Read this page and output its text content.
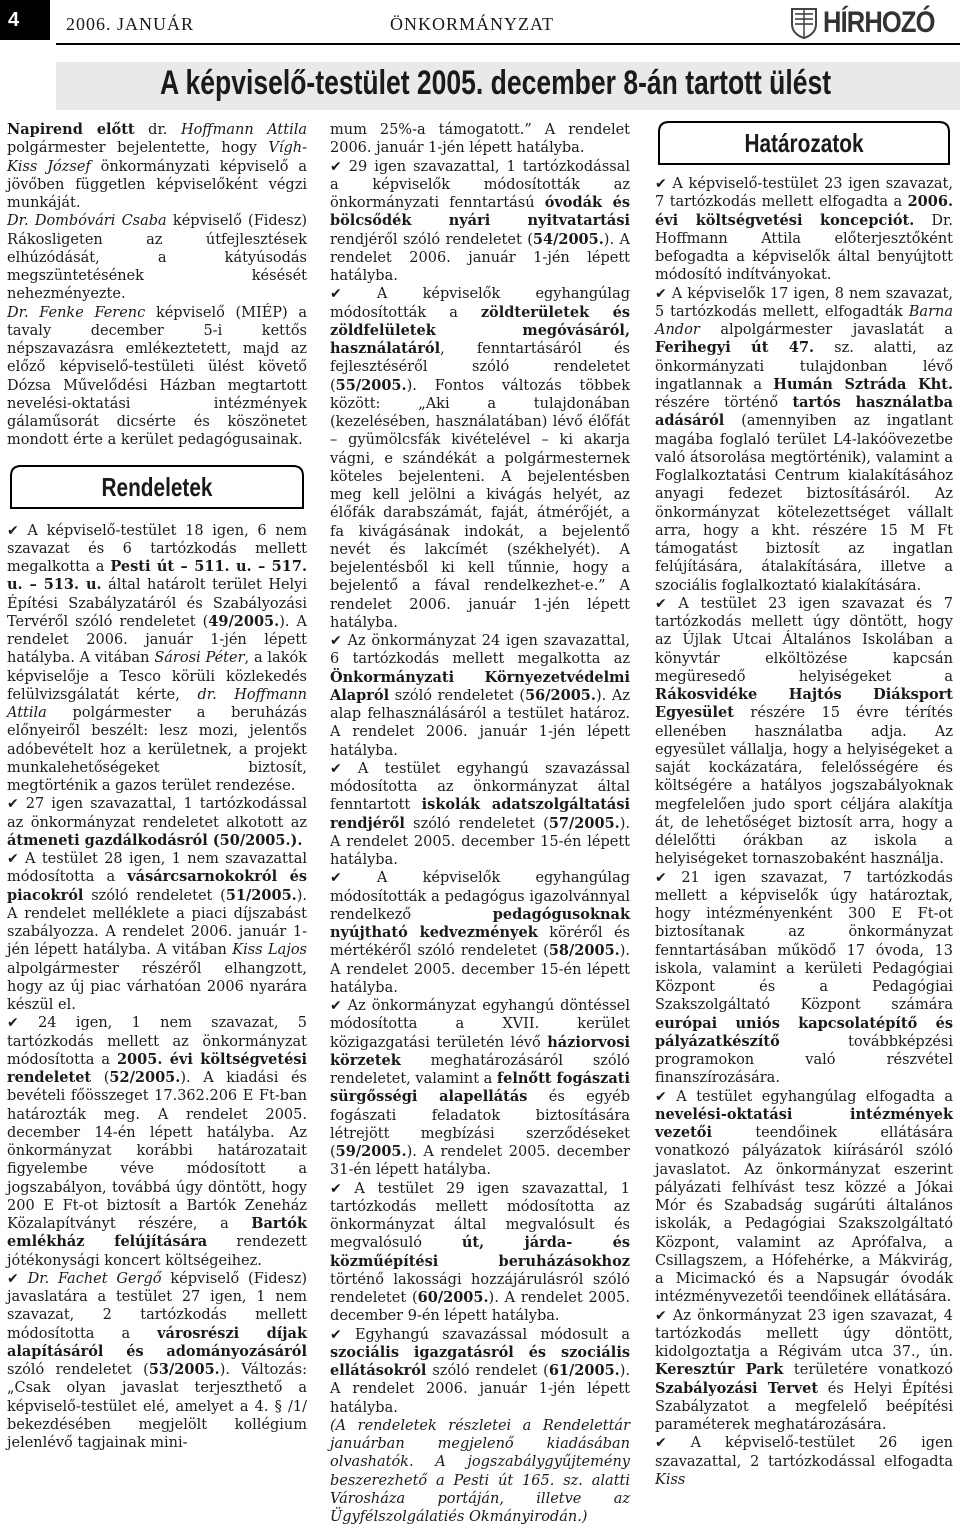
4	2006. JANUÁR	ÖNKORMÁNYZAT	HÍRHOZÓ
A képviselő-testület 2005. december 8-án tartott ülést

Napirend előtt dr. Hoffmann Attila polgármester bejelentette, hogy Vígh-Kiss József önkormányzati képviselő a jövőben független képviselőként végzi munkáját.

Dr. Dombóvári Csaba képviselő (Fidesz) Rákosligeten az útfejlesztések elhúzódását, a kátyúsodás megszüntetésének késését nehezményezte.

Dr. Fenke Ferenc képviselő (MIÉP) a tavaly december 5-i kettős népszavazásra emlékeztetett, majd az előző képviselő-testületi ülést követő Dózsa Művelődési Házban megtartott nevelési-oktatási intézmények gálaműsorát dicsérte és köszönetet mondott érte a kerület pedagógusainak.

Rendeletek

✔ A képviselő-testület 18 igen, 6 nem szavazat és 6 tartózkodás mellett megalkotta a Pesti út – 511. u. – 517. u. – 513. u. által határolt terület Helyi Építési Szabályzatáról és Szabályozási Tervéről szóló rendeletet (49/2005.). A rendelet 2006. január 1-jén lépett hatályba. A vitában Sárosi Péter, a lakók képviselője a Tesco körüli közlekedés felülvizsgálatát kérte, dr. Hoffmann Attila polgármester a beruházás előnyeiről beszélt: lesz mozi, jelentős adóbevételt hoz a kerületnek, a projekt munkalehetőségeket biztosít, megtörténik a gazos terület rendezése.

✔ 27 igen szavazattal, 1 tartózkodással az önkormányzat rendeletet alkotott az átmeneti gazdálkodásról (50/2005.).

✔ A testület 28 igen, 1 nem szavazattal módosította a vásárcsarnokokról és piacokról szóló rendeletet (51/2005.). A rendelet melléklete a piaci díjszabást szabályozza. A rendelet 2006. január 1-jén lépett hatályba. A vitában Kiss Lajos alpolgármester részéről elhangzott, hogy az új piac várhatóan 2006 nyarára készül el.

✔ 24 igen, 1 nem szavazat, 5 tartózkodás mellett az önkormányzat módosította a 2005. évi költségvetési rendeletet (52/2005.). A kiadási és bevételi főösszeget 17.362.206 E Ft-ban határozták meg. A rendelet 2005. december 14-én lépett hatályba. Az önkormányzat korábbi határozatait figyelembe véve módosított a jogszabályon, továbbá úgy döntött, hogy 200 E Ft-ot biztosít a Bartók Zeneház Közalapítványt részére, a Bartók emlékház felújítására rendezett jótékonysági koncert költségeihez.

✔ Dr. Fachet Gergő képviselő (Fidesz) javaslatára a testület 27 igen, 1 nem szavazat, 2 tartózkodás mellett módosította a városrészi díjak alapításáról és adományozásáról szóló rendeletet (53/2005.). Változás: „Csak olyan javaslat terjeszthető a képviselő-testület elé, amelyet a 4. § /1/ bekezdésében megjelölt kollégium jelenlévő tagjainak mini-

mum 25%-a támogatott.” A rendelet 2006. január 1-jén lépett hatályba.

✔ 29 igen szavazattal, 1 tartózkodással a képviselők módosították az önkormányzati fenntartású óvodák és bölcsődék nyári nyitvatartási rendjéről szóló rendeletet (54/2005.). A rendelet 2006. január 1-jén lépett hatályba.

✔ A képviselők egyhangúlag módosították a zöldterületek és zöldfelületek megóvásáról, használatáról, fenntartásáról és fejlesztéséről szóló rendeletet (55/2005.). Fontos változás többek között: „Aki a tulajdonában (kezelésében, használatában) lévő élőfát – gyümölcsfák kivételével – ki akarja vágni, e szándékát a polgármesternek köteles bejelenteni. A bejelentésben meg kell jelölni a kivágás helyét, az élőfák darabszámát, faját, átmérőjét, a fa kivágásának indokát, a bejelentő nevét és lakcímét (székhelyét). A bejelentésből ki kell tűnnie, hogy a bejelentő a fával rendelkezhet-e.” A rendelet 2006. január 1-jén lépett hatályba.

✔ Az önkormányzat 24 igen szavazattal, 6 tartózkodás mellett megalkotta az Önkormányzati Környezetvédelmi Alapról szóló rendeletet (56/2005.). Az alap felhasználásáról a testület határoz. A rendelet 2006. január 1-jén lépett hatályba.

✔ A testület egyhangú szavazással módosította az önkormányzat által fenntartott iskolák adatszolgáltatási rendjéről szóló rendeletet (57/2005.). A rendelet 2005. december 15-én lépett hatályba.

✔ A képviselők egyhangúlag módosították a pedagógus igazolvánnyal rendelkező pedagógusoknak nyújtható kedvezmények köréről és mértékéről szóló rendeletet (58/2005.). A rendelet 2005. december 15-én lépett hatályba.

✔ Az önkormányzat egyhangú döntéssel módosította a XVII. kerület közigazgatási területén lévő háziorvosi körzetek meghatározásáról szóló rendeletet, valamint a felnőtt fogászati sürgősségi alapellátás és egyéb fogászati feladatok biztosítására létrejött megbízási szerződéseket (59/2005.). A rendelet 2005. december 31-én lépett hatályba.

✔ A testület 29 igen szavazattal, 1 tartózkodás mellett módosította az önkormányzat által megvalósult és megvalósuló út, járda- és közműépítési beruházásokhoz történő lakossági hozzájárulásról szóló rendeletet (60/2005.). A rendelet 2005. december 9-én lépett hatályba.

✔ Egyhangú szavazással módosult a szociális igazgatásról és szociális ellátásokról szóló rendelet (61/2005.). A rendelet 2006. január 1-jén lépett hatályba.

(A rendeletek részletei a Rendelettár januárban megjelenő kiadásában olvashatók. A jogszabálygyűjtemény beszerezhető a Pesti út 165. sz. alatti Városháza portáján, illetve az Ügyfélszolgálatiés Okmányirodán.)

Határozatok

✔ A képviselő-testület 23 igen szavazat, 7 tartózkodás mellett elfogadta a 2006. évi költségvetési koncepciót. Dr. Hoffmann Attila előterjesztőként befogadta a képviselők által benyújtott módosító indítványokat.

✔ A képviselők 17 igen, 8 nem szavazat, 5 tartózkodás mellett, elfogadták Barna Andor alpolgármester javaslatát a Ferihegyi út 47. sz. alatti, az önkormányzati tulajdonban lévő ingatlannak a Humán Sztráda Kht. részére történő tartós használatba adásáról (amennyiben az ingatlant magába foglaló terület L4-lakóövezetbe való átsorolása megtörténik), valamint a Foglalkoztatási Centrum kialakításához anyagi fedezet biztosításáról. Az önkormányzat kötelezettséget vállalt arra, hogy a kht. részére 15 M Ft támogatást biztosít az ingatlan felújítására, átalakítására, illetve a szociális foglalkoztató kialakítására.

✔ A testület 23 igen szavazat és 7 tartózkodás mellett úgy döntött, hogy az Újlak Utcai Általános Iskolában a könyvtár elköltözése kapcsán megüresedő helyiségeket a Rákosvidéke Hajtós Diáksport Egyesület részére 15 évre térítés ellenében használatba adja. Az egyesület vállalja, hogy a helyiségeket a saját kockázatára, felelősségére és költségére a hatályos jogszabályoknak megfelelően judo sport céljára alakítja át, de lehetőséget biztosít arra, hogy a délelőtti órákban az iskola a helyiségeket tornaszobaként használja.

✔ 21 igen szavazat, 7 tartózkodás mellett a képviselők úgy határoztak, hogy intézményenként 300 E Ft-ot biztosítanak az önkormányzat fenntartásában működő 17 óvoda, 13 iskola, valamint a kerületi Pedagógiai Központ és a Pedagógiai Szakszolgáltató Központ számára európai uniós kapcsolatépítő és pályázatkészítő továbbképzési programokon való részvétel finanszírozására.

✔ A testület egyhangúlag elfogadta a nevelési-oktatási intézmények vezetői teendőinek ellátására vonatkozó pályázatok kiírásáról szóló javaslatot. Az önkormányzat eszerint pályázati felhívást tesz közzé a Jókai Mór és Szabadság sugárúti általános iskolák, a Pedagógiai Szakszolgáltató Központ, valamint az Aprófalva, a Csillagszem, a Hófehérke, a Mákvirág, a Micimackó és a Napsugár óvodák intézményvezetői teendőinek ellátására.

✔ Az önkormányzat 23 igen szavazat, 4 tartózkodás mellett úgy döntött, kidolgoztatja a Régivám utca 37., ún. Keresztúr Park területére vonatkozó Szabályozási Tervet és Helyi Építési Szabályzatot a megfelelő beépítési paraméterek meghatározására.

✔ A képviselő-testület 26 igen szavazattal, 2 tartózkodással elfogadta Kiss
